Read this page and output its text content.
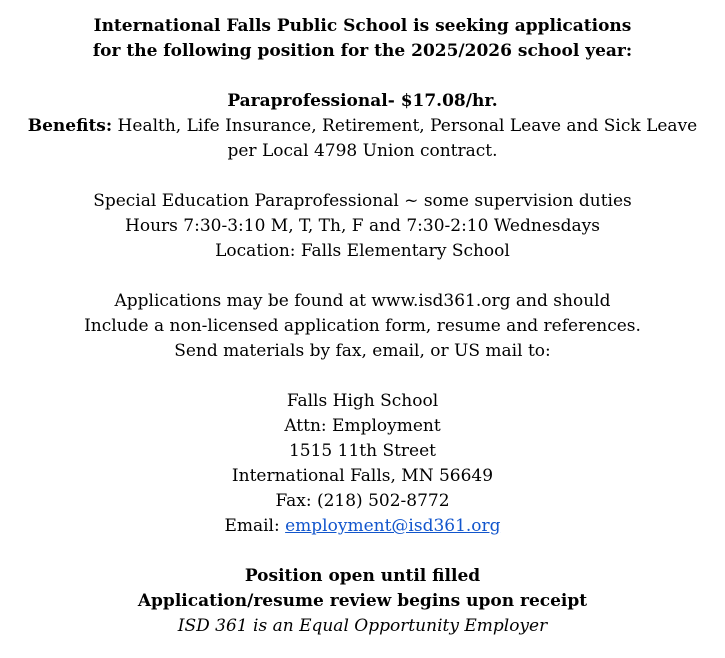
International Falls Public School is seeking applications
for the following position for the 2025/2026 school year:
Paraprofessional- $17.08/hr.
Benefits: Health, Life Insurance, Retirement, Personal Leave and Sick Leave
per Local 4798 Union contract.
Special Education Paraprofessional ~ some supervision duties
Hours 7:30-3:10 M, T, Th, F and 7:30-2:10 Wednesdays
Location: Falls Elementary School
Applications may be found at www.isd361.org and should
Include a non-licensed application form, resume and references.
Send materials by fax, email, or US mail to:
Falls High School
Attn: Employment
1515 11th Street
International Falls, MN 56649
Fax: (218) 502-8772
Email: employment@isd361.org
Position open until filled
Application/resume review begins upon receipt
ISD 361 is an Equal Opportunity Employer
